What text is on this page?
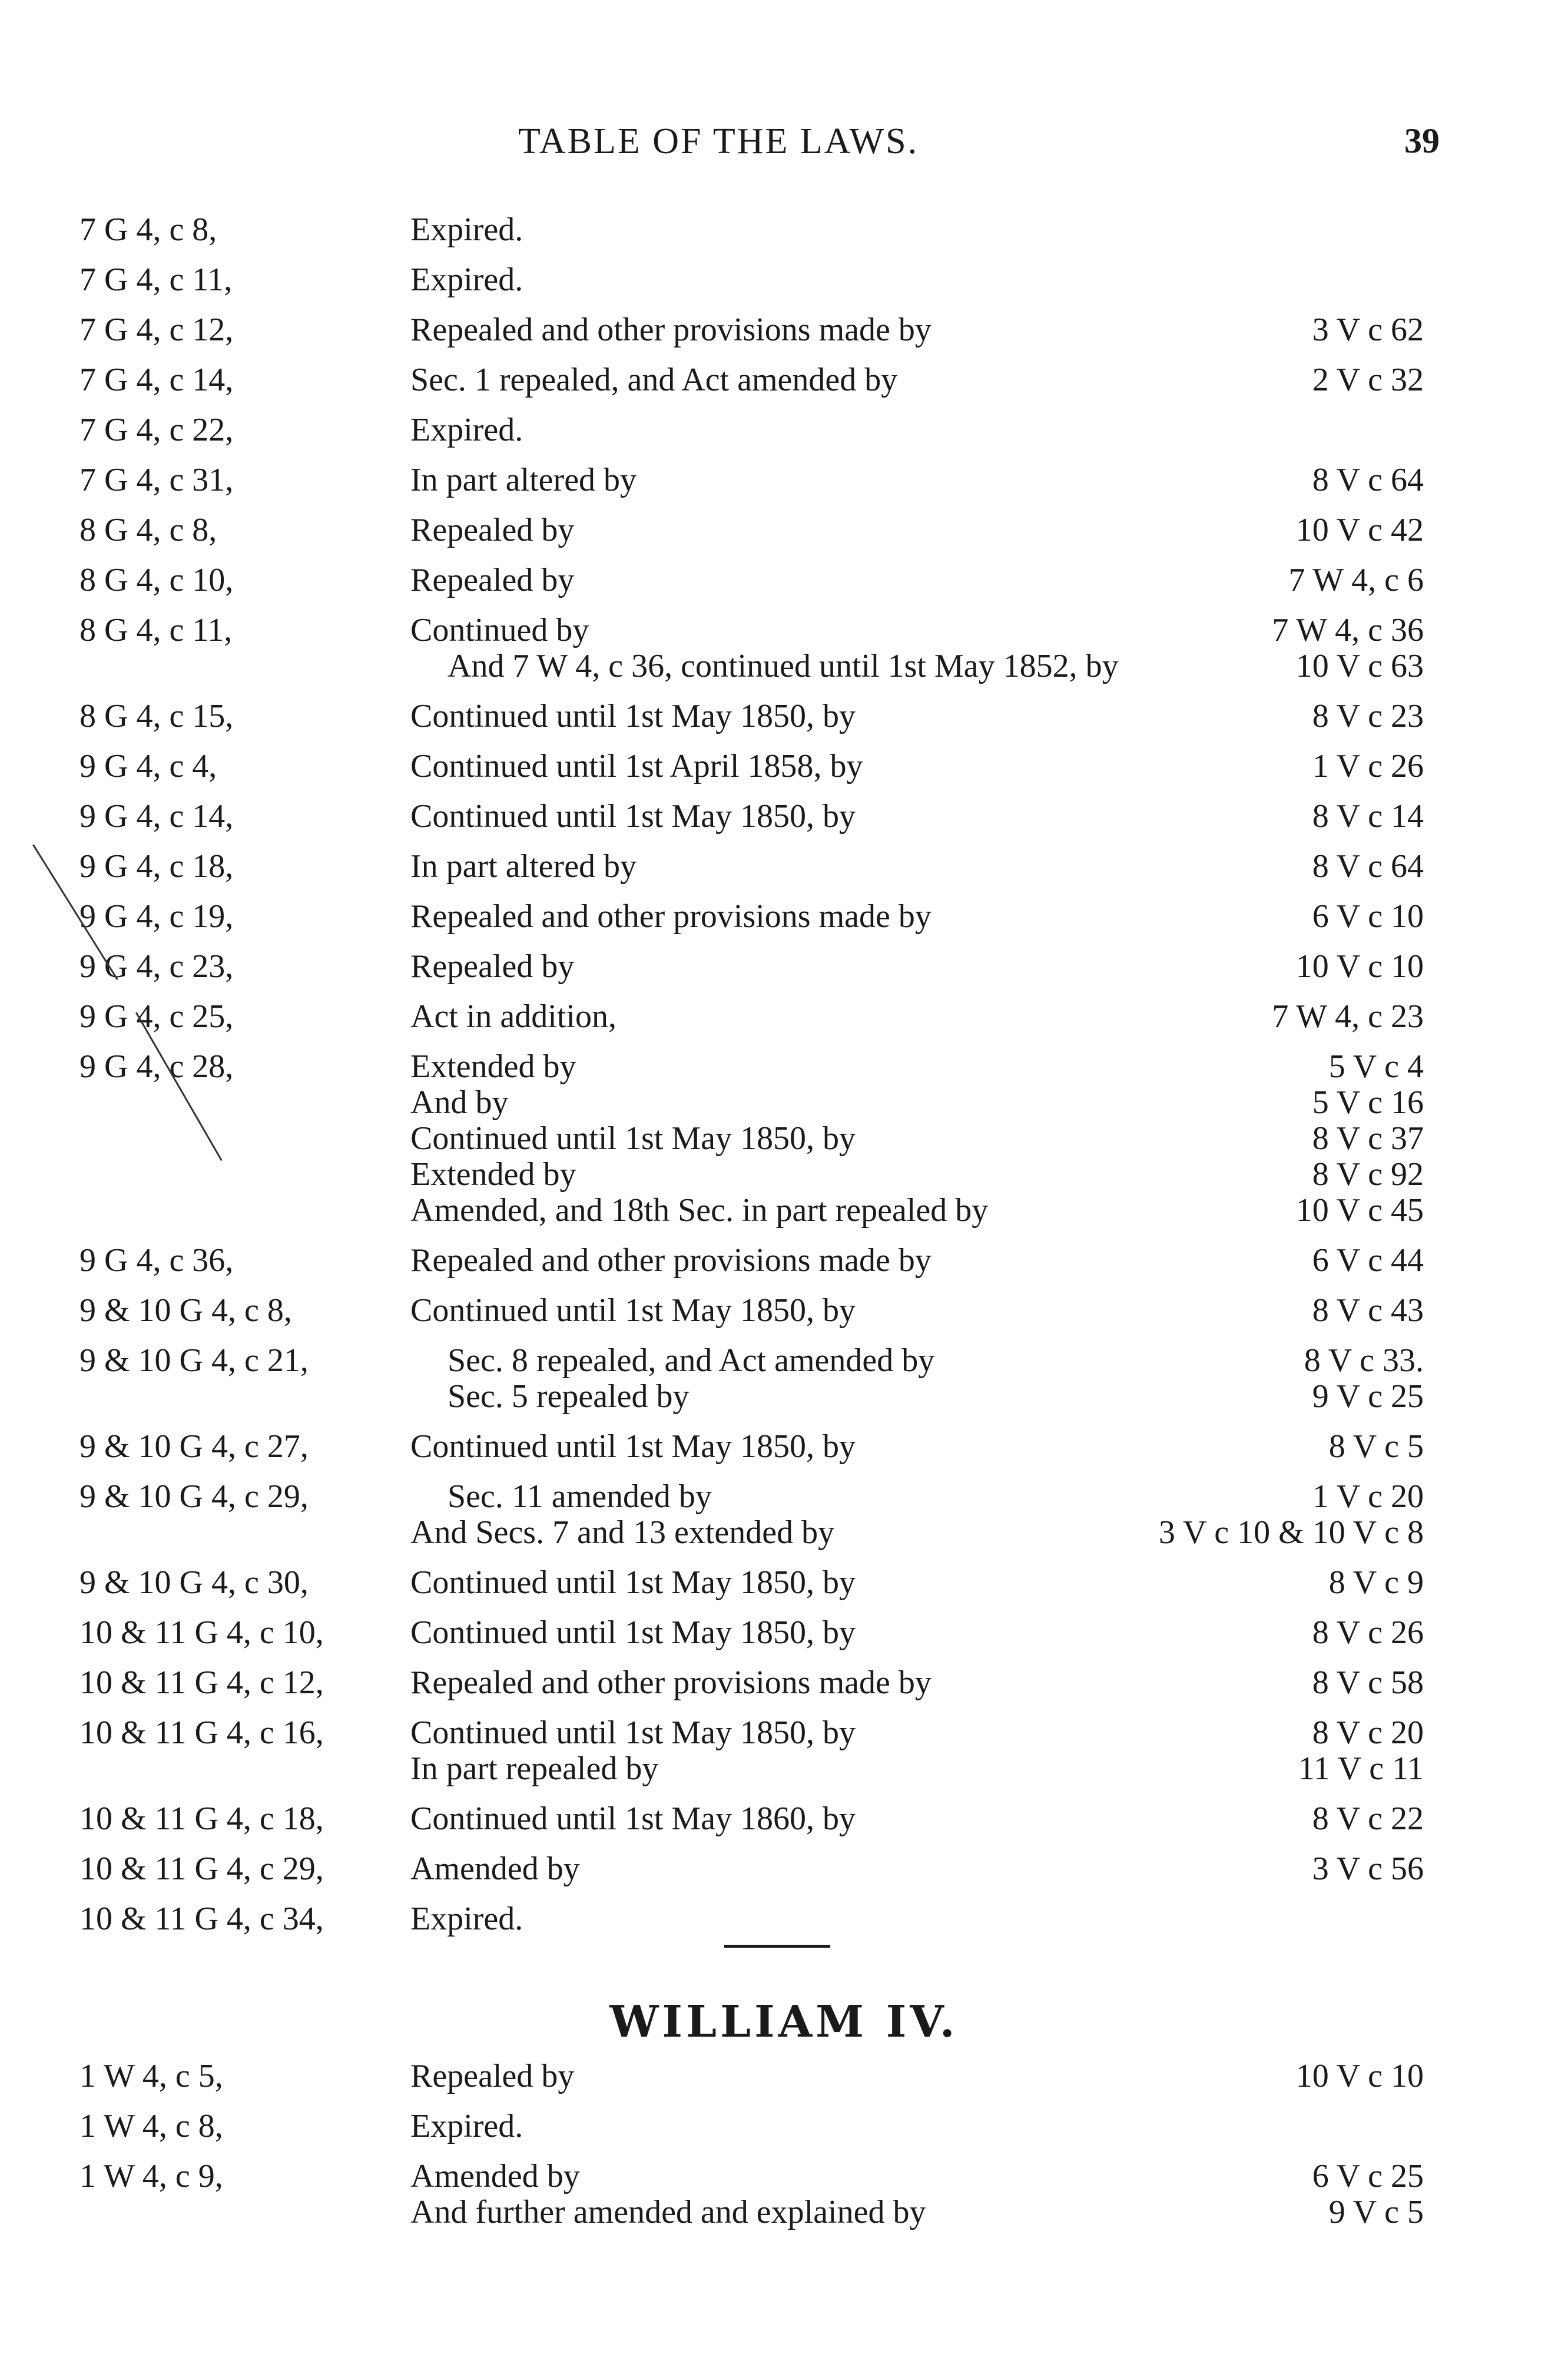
TABLE OF THE LAWS.	39
7 G 4, c 8,	Expired.
7 G 4, c 11,	Expired.
7 G 4, c 12,	Repealed and other provisions made by	3 V c 62
7 G 4, c 14,	Sec. 1 repealed, and Act amended by	2 V c 32
7 G 4, c 22,	Expired.
7 G 4, c 31,	In part altered by	8 V c 64
8 G 4, c 8,	Repealed by	10 V c 42
8 G 4, c 10,	Repealed by	7 W 4, c 6
8 G 4, c 11,	Continued by	7 W 4, c 36
And 7 W 4, c 36, continued until 1st May 1852, by	10 V c 63
8 G 4, c 15,	Continued until 1st May 1850, by	8 V c 23
9 G 4, c 4,	Continued until 1st April 1858, by	1 V c 26
9 G 4, c 14,	Continued until 1st May 1850, by	8 V c 14
9 G 4, c 18,	In part altered by	8 V c 64
9 G 4, c 19,	Repealed and other provisions made by	6 V c 10
9 G 4, c 23,	Repealed by	10 V c 10
9 G 4, c 25,	Act in addition,	7 W 4, c 23
9 G 4, c 28,	Extended by	5 V c 4
And by	5 V c 16
Continued until 1st May 1850, by	8 V c 37
Extended by	8 V c 92
Amended, and 18th Sec. in part repealed by	10 V c 45
9 G 4, c 36,	Repealed and other provisions made by	6 V c 44
9 & 10 G 4, c 8,	Continued until 1st May 1850, by	8 V c 43
9 & 10 G 4, c 21,	Sec. 8 repealed, and Act amended by	8 V c 33.
Sec. 5 repealed by	9 V c 25
9 & 10 G 4, c 27,	Continued until 1st May 1850, by	8 V c 5
9 & 10 G 4, c 29,	Sec. 11 amended by	1 V c 20
And Secs. 7 and 13 extended by	3 V c 10 & 10 V c 8
9 & 10 G 4, c 30,	Continued until 1st May 1850, by	8 V c 9
10 & 11 G 4, c 10,	Continued until 1st May 1850, by	8 V c 26
10 & 11 G 4, c 12,	Repealed and other provisions made by	8 V c 58
10 & 11 G 4, c 16,	Continued until 1st May 1850, by	8 V c 20
In part repealed by	11 V c 11
10 & 11 G 4, c 18,	Continued until 1st May 1860, by	8 V c 22
10 & 11 G 4, c 29,	Amended by	3 V c 56
10 & 11 G 4, c 34,	Expired.
WILLIAM IV.
1 W 4, c 5,	Repealed by	10 V c 10
1 W 4, c 8,	Expired.
1 W 4, c 9,	Amended by	6 V c 25
And further amended and explained by	9 V c 5
